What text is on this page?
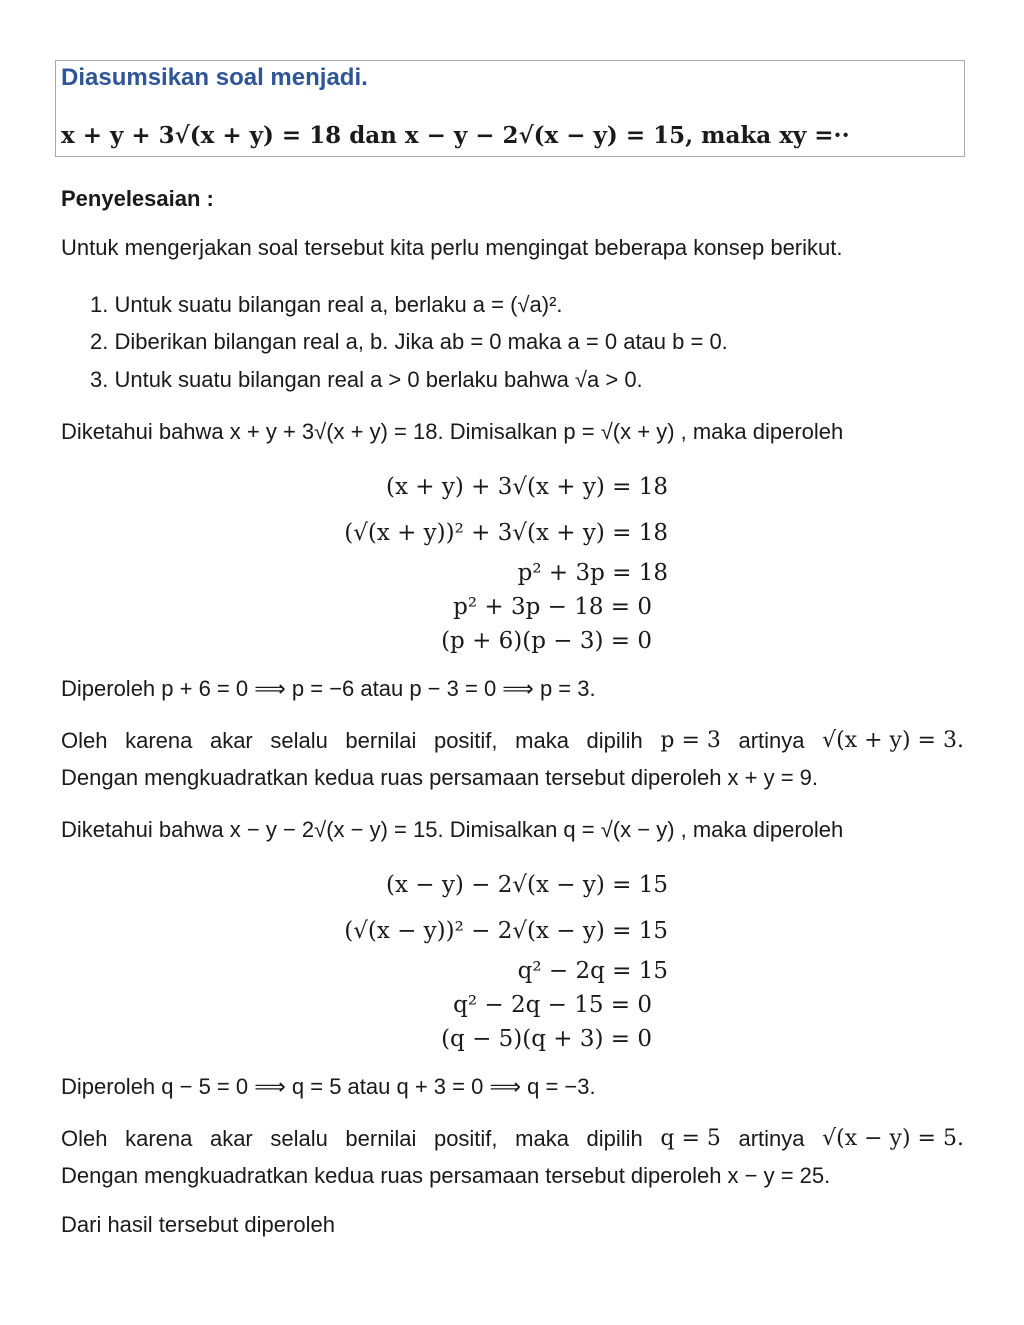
Diasumsikan soal menjadi.
x + y + 3√(x + y) = 18 dan x − y − 2√(x − y) = 15, maka xy =··
Penyelesaian :
Untuk mengerjakan soal tersebut kita perlu mengingat beberapa konsep berikut.
1. Untuk suatu bilangan real a, berlaku a = (√a)².
2. Diberikan bilangan real a, b. Jika ab = 0 maka a = 0 atau b = 0.
3. Untuk suatu bilangan real a > 0 berlaku bahwa √a > 0.
Diketahui bahwa x + y + 3√(x + y) = 18. Dimisalkan p = √(x + y) , maka diperoleh
(x + y) + 3√(x + y) = 18
(√(x + y))² + 3√(x + y) = 18
p² + 3p = 18
p² + 3p − 18 = 0
(p + 6)(p − 3) = 0
Diperoleh p + 6 = 0 ⟹ p = −6 atau p − 3 = 0 ⟹ p = 3.
Oleh karena akar selalu bernilai positif, maka dipilih p = 3 artinya √(x + y) = 3.
Dengan mengkuadratkan kedua ruas persamaan tersebut diperoleh x + y = 9.
Diketahui bahwa x − y − 2√(x − y) = 15. Dimisalkan q = √(x − y) , maka diperoleh
(x − y) − 2√(x − y) = 15
(√(x − y))² − 2√(x − y) = 15
q² − 2q = 15
q² − 2q − 15 = 0
(q − 5)(q + 3) = 0
Diperoleh q − 5 = 0 ⟹ q = 5 atau q + 3 = 0 ⟹ q = −3.
Oleh karena akar selalu bernilai positif, maka dipilih q = 5 artinya √(x − y) = 5.
Dengan mengkuadratkan kedua ruas persamaan tersebut diperoleh x − y = 25.
Dari hasil tersebut diperoleh
